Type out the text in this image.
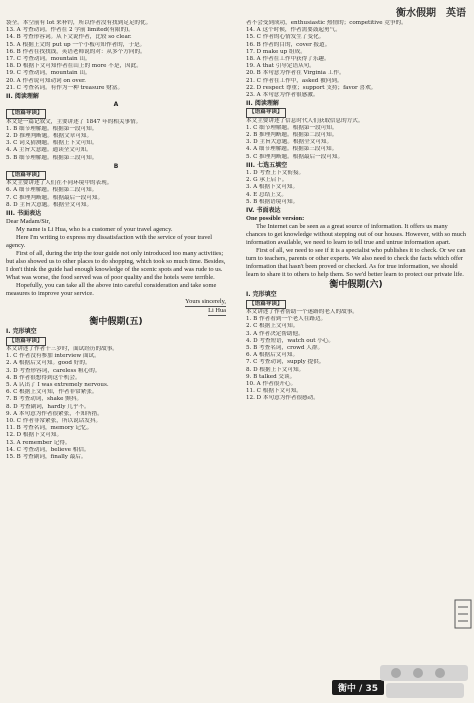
衡水假期 英语
袋全。本空前有 lot 来补钓，所以作者没有找到足足的优。
13. A 考查动词。作者在 2 学前 limited(有限的)。
14. B 考查形容词。从下文说作者，比较 so clear.
15. A 根据上文的 put up 一个小板可知作者的，于是。
16. B 作者在找找钱，英语老师说的对：从多个方向的。
17. C 考查动词。mountain 山。
18. D 根据下文可知作者在山上的 more 不是，因此。
19. C 考查动词，mountain 山。
20. A 作者说可知动词 on over.
21. C 考查名词。有作为一种 treasure 财富。
II. 阅读理解
A
【语篇导读】
本文是一篇记叙文，主要讲述了 1847 年的相关事情。
1. B 细节理解题。根据第一段可知。
2. D 推理判断题。根据文章可知。
3. C 词义猜测题。根据上下文可知。
4. A 主旨大意题。通读全文可知。
5. B 细节理解题。根据第三段可知。
B
【语篇导读】
本文主要讲述了人们在不同环境中的表现。
6. A 细节理解题。根据第二段可知。
7. C 推理判断题。根据最后一段可知。
8. D 主旨大意题。根据全文可知。
III. 书面表达
Dear Madam/Sir,
My name is Li Hua, who is a customer of your travel agency.
Here I'm writing to express my dissatisfaction with the service of your travel agency.
First of all, during the trip the tour guide not only introduced too many activities; but also showed us to other places to do shopping, which took so much time. Besides, I don't think the guide had enough knowledge of the scenic spots and was rude to us. What was worse, the food served was of poor quality and the hotels were terrible.
Hopefully, you can take all the above into careful consideration and take some measures to improve your service.
Yours sincerely,
Li Hua
衡中假期(五)
I. 完形填空
【语篇导读】
本文讲述了作者十三岁时，面试经历的故事。
1. C 作者没有参加 interview 面试。
2. A 根据后文可知。good 好的。
3. D 考查形容词，careless 粗心的。
4. B 作者很想得到这个机会。
5. A 认出了 I was extremely nervous.
6. C 根据上文可知，作者非常紧张。
7. B 考查动词，shake 颤抖。
8. D 考查副词，hardly 几乎不。
9. A 本句意为作者很紧张，不知所措。
10. C 作者非常紧张，所以说话发抖。
11. B 考查名词，memory 记忆。
12. D 根据下文可知。
13. A remember 记得。
14. C 考查动词，believe 相信。
15. B 考查副词，finally 最后。
者不会受到成功，enthusiastic 热情的；competitive 竞争的。
14. A 这个时候，作者需要鼓起勇气。
15. C 作者的心情发生了变化。
16. B 作者的目的，cover 报道。
17. D make up 组成。
18. A 作者在工作中获得了乐趣。
19. A that 引导定语从句。
20. B 本句意为作者在 Virginia 工作。
21. C 作者在工作中，asked 被问到。
22. D respect 尊重；support 支持；favor 喜欢。
23. A 本句意为作者很感激。
II. 阅读理解
【语篇导读】
本文主要讲述了信息时代人们获取信息的方式。
1. C 细节理解题。根据第一段可知。
2. B 推理判断题。根据第二段可知。
3. D 主旨大意题。根据全文可知。
4. A 细节理解题。根据第三段可知。
5. C 推理判断题。根据最后一段可知。
III. 七选五填空
1. D 考查上下文衔接。
2. G 承上启下。
3. A 根据下文可知。
4. E 总结上文。
5. B 根据语境可知。
IV. 书面表达
One possible version:
The Internet can be seen as a great source of information. It offers us many chances to get knowledge without stepping out of our houses. However, with so much information available, we need to learn to tell true and untrue information apart.
First of all, we need to see if it is a specialist who publishes it to check. Or we can turn to teachers, parents or other experts. We also need to check the facts which offer information that hasn't been proved or checked. As for true information, we should learn to share it to others to help them. So we'd better learn to protect our private life.
衡中假期(六)
I. 完形填空
【语篇导读】
本文讲述了作者帮助一个迷路的老人的故事。
1. B 作者看到一个老人在路边。
2. C 根据上文可知。
3. A 作者决定帮助他。
4. D 考查短语，watch out 小心。
5. B 考查名词，crowd 人群。
6. A 根据后文可知。
7. C 考查动词，supply 提供。
8. D 根据上下文可知。
9. B talked 交谈。
10. A 作者很开心。
11. C 根据下文可知。
12. D 本句意为作者很感动。
衡中 / 35
